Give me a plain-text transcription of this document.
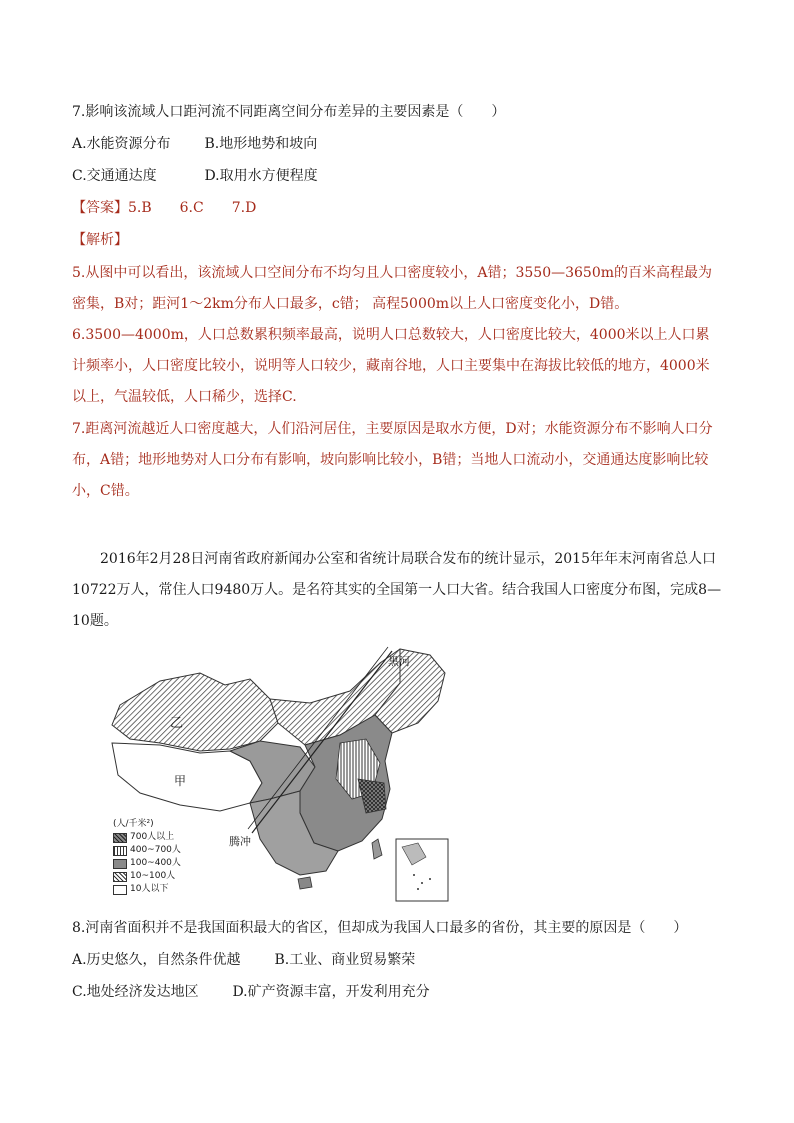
7.影响该流域人口距河流不同距离空间分布差异的主要因素是（　　）
A.水能资源分布 B.地形地势和坡向
C.交通通达度	D.取用水方便程度
【答案】5.B　　6.C　　7.D
【解析】
5.从图中可以看出，该流域人口空间分布不均匀且人口密度较小，A错；3550—3650m的百米高程最为密集，B对；距河1～2km分布人口最多，c错； 高程5000m以上人口密度变化小，D错。
6.3500—4000m，人口总数累积频率最高，说明人口总数较大，人口密度比较大，4000米以上人口累计频率小，人口密度比较小，说明等人口较少，藏南谷地，人口主要集中在海拔比较低的地方，4000米以上，气温较低，人口稀少，选择C.
7.距离河流越近人口密度越大，人们沿河居住，主要原因是取水方便，D对；水能资源分布不影响人口分布，A错；地形地势对人口分布有影响，坡向影响比较小，B错；当地人口流动小，交通通达度影响比较小，C错。
　　2016年2月28日河南省政府新闻办公室和省统计局联合发布的统计显示，2015年年末河南省总人口10722万人，常住人口9480万人。是名符其实的全国第一人口大省。结合我国人口密度分布图，完成8—10题。
黑河
乙
甲
腾冲
(人/千米²)
700人以上
400~700人
100~400人
10~100人
10人以下
8.河南省面积并不是我国面积最大的省区，但却成为我国人口最多的省份，其主要的原因是（　　）
A.历史悠久，自然条件优越 B.工业、商业贸易繁荣
C.地处经济发达地区 D.矿产资源丰富，开发利用充分
